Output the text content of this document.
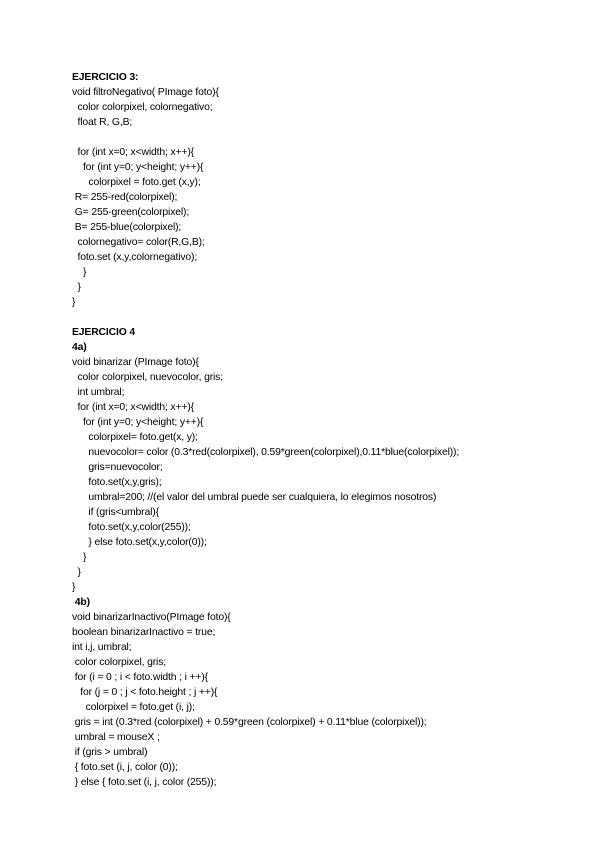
EJERCICIO 3:
void filtroNegativo( PImage foto){
color colorpixel, colornegativo;
float R, G,B;
for (int x=0; x<width; x++){
for (int y=0; y<height; y++){
colorpixel = foto.get (x,y);
R= 255-red(colorpixel);
G= 255-green(colorpixel);
B= 255-blue(colorpixel);
colornegativo= color(R,G,B);
foto.set (x,y,colornegativo);
}
}
}
EJERCICIO 4
4a)
void binarizar (PImage foto){
color colorpixel, nuevocolor, gris;
int umbral;
for (int x=0; x<width; x++){
for (int y=0; y<height; y++){
colorpixel= foto.get(x, y);
nuevocolor= color (0.3*red(colorpixel), 0.59*green(colorpixel),0.11*blue(colorpixel));
gris=nuevocolor;
foto.set(x,y,gris);
umbral=200; //(el valor del umbral puede ser cualquiera, lo elegimos nosotros)
if (gris<umbral){
foto.set(x,y,color(255));
} else foto.set(x,y,color(0));
}
}
}
4b)
void binarizarInactivo(PImage foto){
boolean binarizarInactivo = true;
int i,j, umbral;
color colorpixel, gris;
for (i = 0 ; i < foto.width ; i ++){
for (j = 0 ; j < foto.height ; j ++){
colorpixel = foto.get (i, j);
gris = int (0.3*red (colorpixel) + 0.59*green (colorpixel) + 0.11*blue (colorpixel));
umbral = mouseX ;
if (gris > umbral)
{ foto.set (i, j, color (0));
} else { foto.set (i, j, color (255));
